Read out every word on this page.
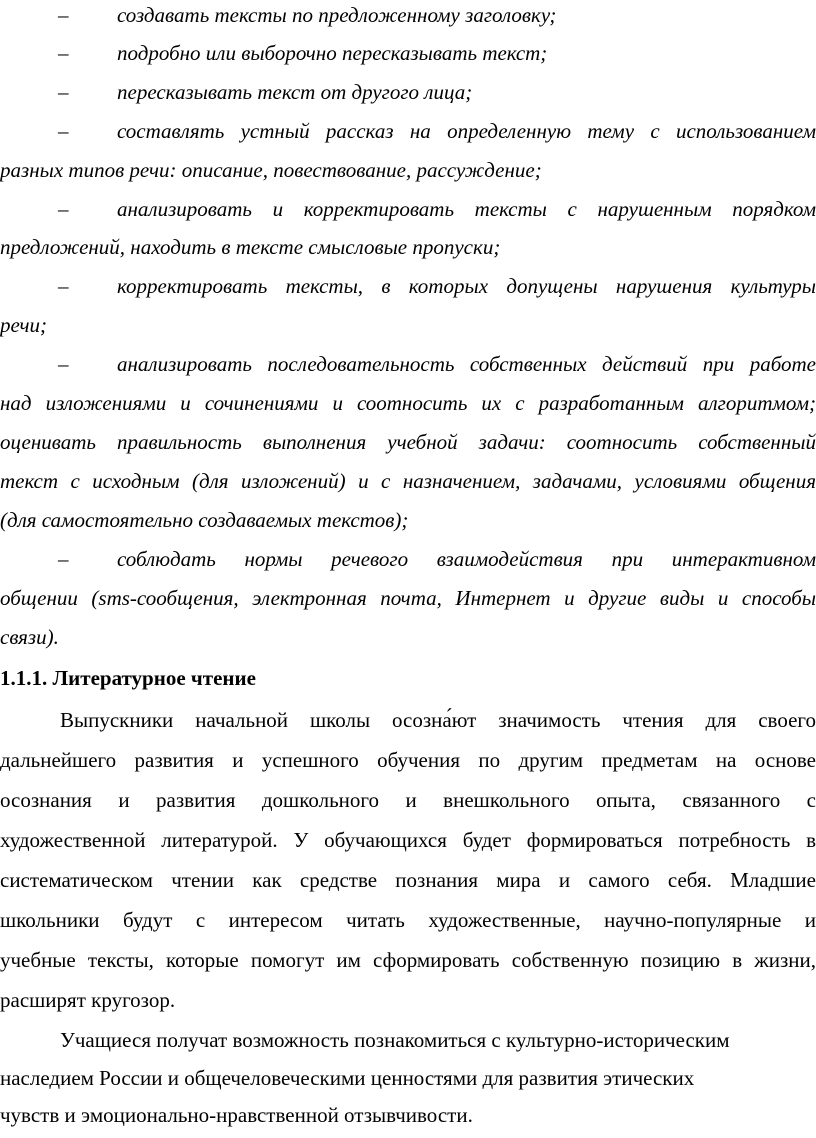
– создавать тексты по предложенному заголовку;
– подробно или выборочно пересказывать текст;
– пересказывать текст от другого лица;
– составлять устный рассказ на определенную тему с использованием
разных типов речи: описание, повествование, рассуждение;
– анализировать и корректировать тексты с нарушенным порядком
предложений, находить в тексте смысловые пропуски;
– корректировать тексты, в которых допущены нарушения культуры
речи;
– анализировать последовательность собственных действий при работе
над изложениями и сочинениями и соотносить их с разработанным алгоритмом;
оценивать правильность выполнения учебной задачи: соотносить собственный
текст с исходным (для изложений) и с назначением, задачами, условиями общения
(для самостоятельно создаваемых текстов);
– соблюдать нормы речевого взаимодействия при интерактивном
общении (sms-сообщения, электронная почта, Интернет и другие виды и способы
связи).
1.1.1. Литературное чтение
Выпускники начальной школы осозна́ют значимость чтения для своего
дальнейшего развития и успешного обучения по другим предметам на основе
осознания и развития дошкольного и внешкольного опыта, связанного с
художественной литературой. У обучающихся будет формироваться потребность в
систематическом чтении как средстве познания мира и самого себя. Младшие
школьники будут с интересом читать художественные, научно-популярные и
учебные тексты, которые помогут им сформировать собственную позицию в жизни,
расширят кругозор.
Учащиеся получат возможность познакомиться с культурно-историческим
наследием России и общечеловеческими ценностями для развития этических
чувств и эмоционально-нравственной отзывчивости.
